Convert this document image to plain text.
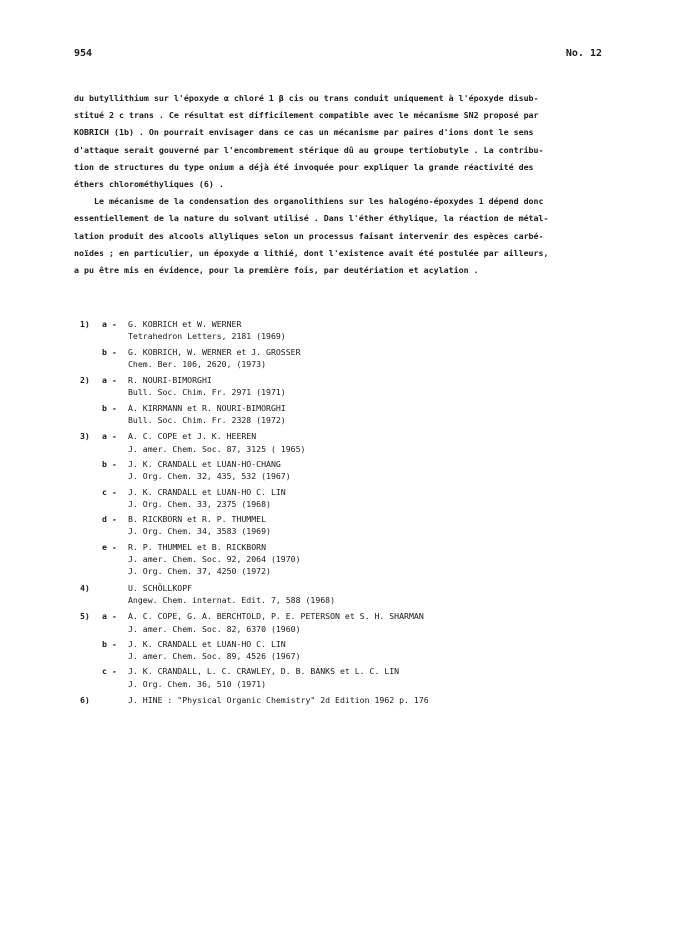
954	No. 12
du butyllithium sur l'époxyde α chloré 1 β cis ou trans conduit uniquement à l'époxyde disub-
stitué 2 c trans . Ce résultat est difficilement compatible avec le mécanisme SN2 proposé par
KOBRICH (1b) . On pourrait envisager dans ce cas un mécanisme par paires d'ions dont le sens
d'attaque serait gouverné par l'encombrement stérique dû au groupe tertiobutyle . La contribu-
tion de structures du type onium a déjà été invoquée pour expliquer la grande réactivité des
éthers chlorométhyliques (6) .
Le mécanisme de la condensation des organolithiens sur les halogéno-époxydes 1 dépend donc
essentiellement de la nature du solvant utilisé . Dans l'éther éthylique, la réaction de métal-
lation produit des alcools allyliques selon un processus faisant intervenir des espèces carbé-
noïdes ; en particulier, un époxyde α lithié, dont l'existence avait été postulée par ailleurs,
a pu être mis en évidence, pour la première fois, par deutériation et acylation .
1)	a - G. KOBRICH et W. WERNER
Tetrahedron Letters, 2181 (1969)
b - G. KOBRICH, W. WERNER et J. GROSSER
Chem. Ber. 106, 2620, (1973)
2)	a - R. NOURI-BIMORGHI
Bull. Soc. Chim. Fr. 2971 (1971)
b - A. KIRRMANN et R. NOURI-BIMORGHI
Bull. Soc. Chim. Fr. 2328 (1972)
3)	a - A. C. COPE et J. K. HEEREN
J. amer. Chem. Soc. 87, 3125 ( 1965)
b - J. K. CRANDALL et LUAN-HO-CHANG
J. Org. Chem. 32, 435, 532 (1967)
c - J. K. CRANDALL et LUAN-HO C. LIN
J. Org. Chem. 33, 2375 (1968)
d - B. RICKBORN et R. P. THUMMEL
J. Org. Chem. 34, 3583 (1969)
e - R. P. THUMMEL et B. RICKBORN
J. amer. Chem. Soc. 92, 2064 (1970)
J. Org. Chem. 37, 4250 (1972)
4)	U. SCHÖLLKOPF
Angew. Chem. internat. Edit. 7, 588 (1968)
5)	a - A. C. COPE, G. A. BERCHTOLD, P. E. PETERSON et S. H. SHARMAN
J. amer. Chem. Soc. 82, 6370 (1960)
b - J. K. CRANDALL et LUAN-HO C. LIN
J. amer. Chem. Soc. 89, 4526 (1967)
c - J. K. CRANDALL, L. C. CRAWLEY, D. B. BANKS et L. C. LIN
J. Org. Chem. 36, 510 (1971)
6)	J. HINE : "Physical Organic Chemistry" 2d Edition 1962 p. 176
